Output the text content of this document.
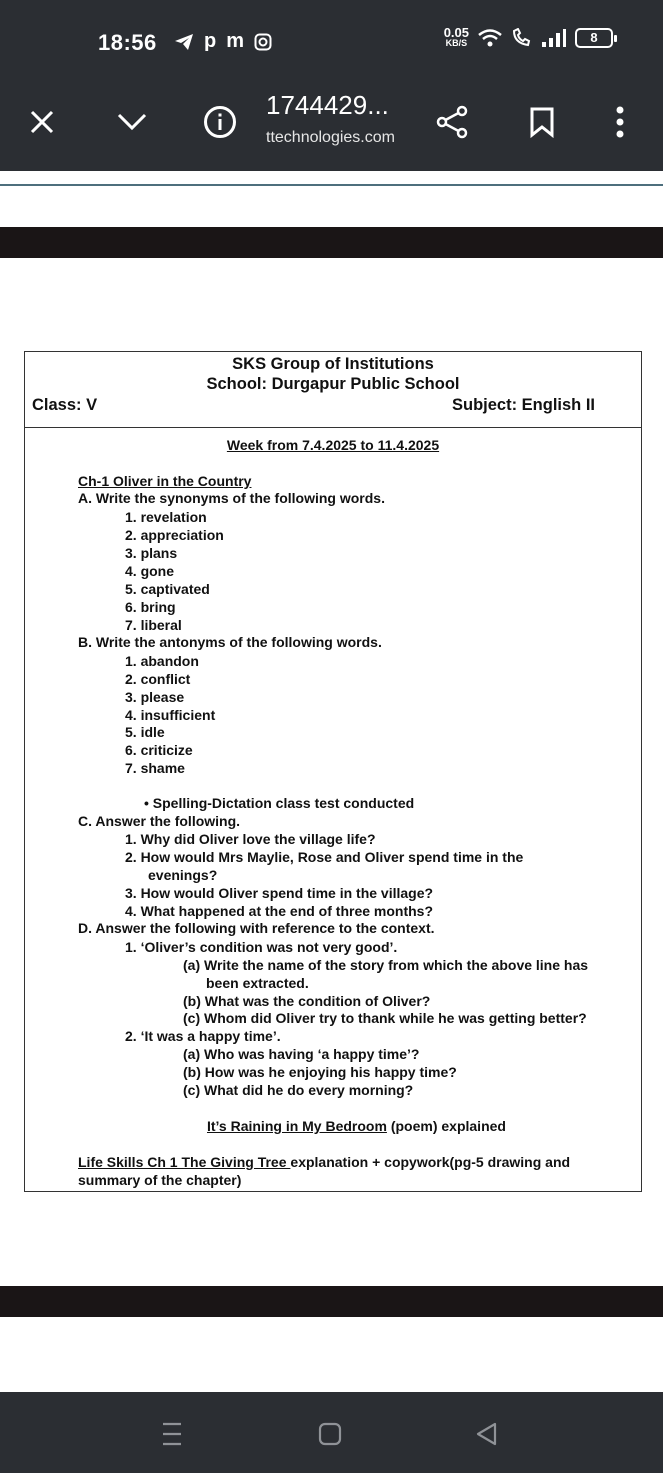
18:56 p m	0.05
KB/S	8
1744429...
ttechnologies.com
SKS Group of Institutions
School: Durgapur Public School
Class: V	Subject: English II
Week from 7.4.2025 to 11.4.2025
Ch-1 Oliver in the Country
A. Write the synonyms of the following words.
1. revelation
2. appreciation
3. plans
4. gone
5. captivated
6. bring
7. liberal
B. Write the antonyms of the following words.
1. abandon
2. conflict
3. please
4. insufficient
5. idle
6. criticize
7. shame
• Spelling-Dictation class test conducted
C. Answer the following.
1. Why did Oliver love the village life?
2. How would Mrs Maylie, Rose and Oliver spend time in the
evenings?
3. How would Oliver spend time in the village?
4. What happened at the end of three months?
D. Answer the following with reference to the context.
1. ‘Oliver’s condition was not very good’.
(a) Write the name of the story from which the above line has
been extracted.
(b) What was the condition of Oliver?
(c) Whom did Oliver try to thank while he was getting better?
2. ‘It was a happy time’.
(a) Who was having ‘a happy time’?
(b) How was he enjoying his happy time?
(c) What did he do every morning?
It’s Raining in My Bedroom (poem) explained
Life Skills Ch 1 The Giving Tree explanation + copywork(pg-5 drawing and
summary of the chapter)
